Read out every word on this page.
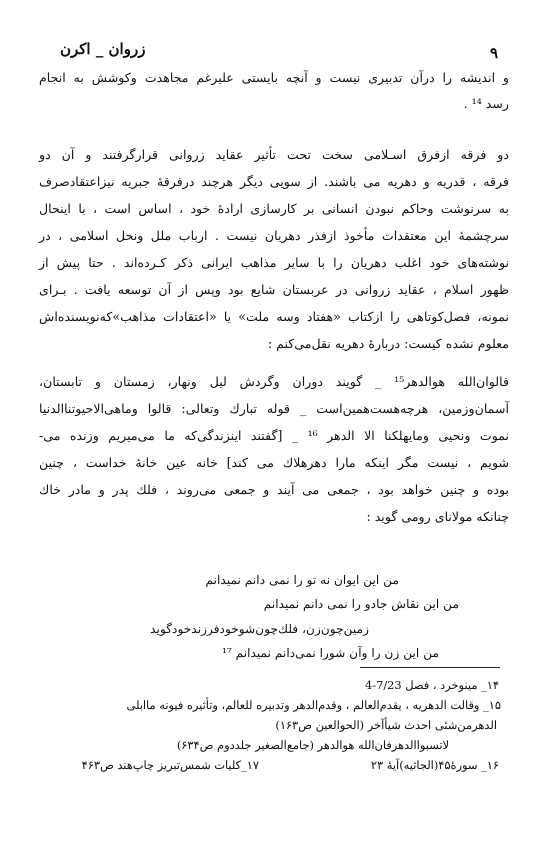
۹
زروان _ اکرن
و اندیشه را درآن تدبیری نیست و آنچه بایستی علیرغم مجاهدت وکوشش به انجام
رسد ¹⁴ .
دو فرقه ازفرق اسـلامی سخت تحت تأثیر عقاید زروانی قرارگرفتند و آن دو
فرقه ، قدریه و دهریه می باشند. از سویی دیگر هرچند درفرقهٔ جبریه نیزاعتقادصرف
به سرنوشت وحاکم نبودن انسانی بر کارسازی ارادهٔ خود ، اساس است ، با اینحال
سرچشمهٔ این معتقدات مأخوذ ازفذر دهریان نیست . ارباب ملل ونحل اسلامی ، در
نوشته‌های خود اغلب دهریان را با سایر مذاهب ایرانی ذکر کـرده‌اند . حتا پیش از
ظهور اسلام ، عقاید زروانی در عربستان شایع بود وپس از آن توسعه یافت . بـرای
نمونه، فصل‌کوتاهی را ازکتاب «هفتاد وسه ملت» یا «اعتقادات مذاهب»که‌نویسنده‌اش
معلوم نشده کیست: دربارهٔ دهریه نقل‌می‌کنم :
قالوان‌الله هوالدهر¹⁵ _ گویند دوران وگردش لیل ونهار، زمستان و تابستان،
آسمان‌وزمین، هرچه‌هست‌همین‌است _ قوله تبارك وتعالی: قالوا وماهی‌الاحیوتنا‌الدنیا
نموت ونحیی ومایهلکنا الا الدهر ¹⁶ _ [گفتند اینزندگی‌که ما می‌میریم وزنده می-
شویم ، نیست مگر اینکه مارا دهرهلاك می کند] خانه عین خانهٔ خداست ، چنین
بوده و چنین خواهد بود ، جمعی می آیند و جمعی می‌روند ، فلك پدر و مادر خاك
چنانکه مولانای رومی گوید :
من این ایوان نه تو را نمی دانم نمیدانم
من این نقاش جادو را نمی دانم نمیدانم
زمین‌چون‌زن، فلك‌چون‌شوخودفرزندخودگوید
من این زن را وآن شورا نمی‌دانم نمیدانم ¹⁷
۱۴_ مینوخرد ، فصل 7/23-4
۱۵_ وقالت الدهریه ، یقدم‌العالم ، وقدم‌الدهر وتدبیره للعالم، وتأثیره فیونه ماابلی
الدهرمن‌شئی احدث شیأآخر (الحوالعین ص۱۶۳)
لاتسبوا‌الدهرفان‌الله هوالدهر (جامع‌الصغیر جلددوم ص۶۳۴)
۱۶_ سورهٔ۴۵(الجاثیه)آیهٔ ۲۳
۱۷_کلیات شمس‌تبریز چاپ‌هند ص۴۶۳
